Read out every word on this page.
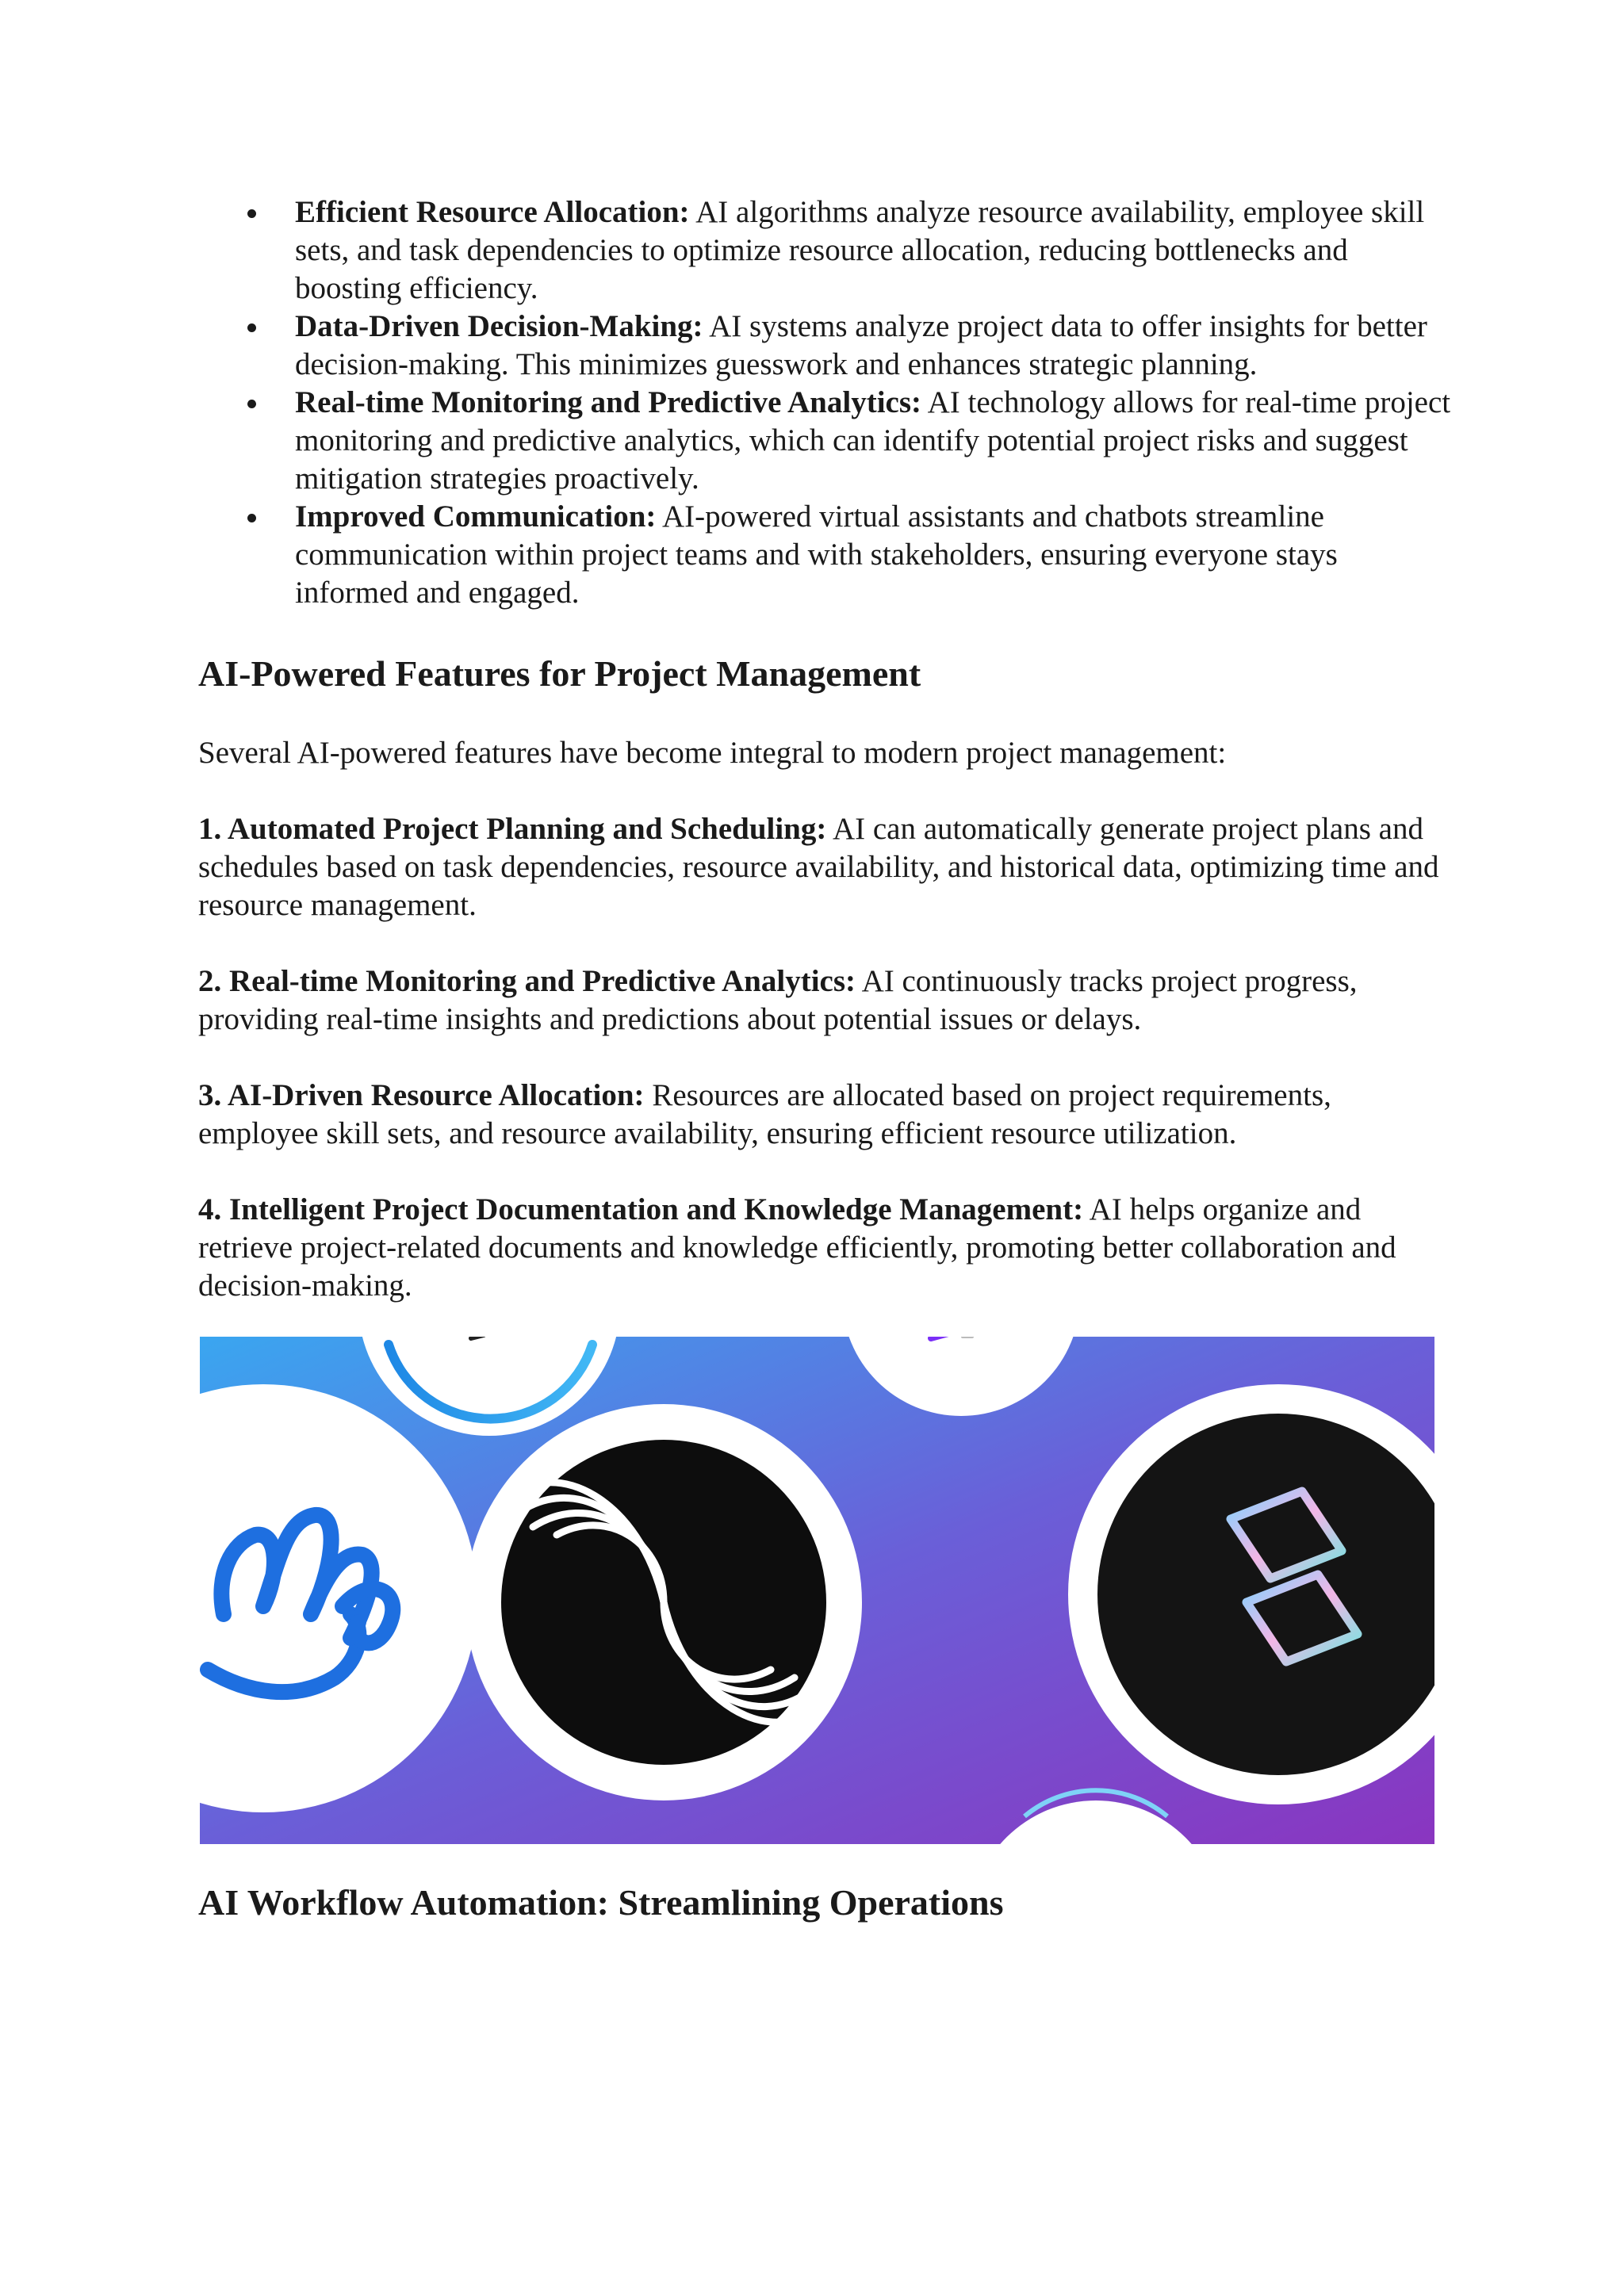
Efficient Resource Allocation: AI algorithms analyze resource availability, employee skill sets, and task dependencies to optimize resource allocation, reducing bottlenecks and boosting efficiency.
Data-Driven Decision-Making: AI systems analyze project data to offer insights for better decision-making. This minimizes guesswork and enhances strategic planning.
Real-time Monitoring and Predictive Analytics: AI technology allows for real-time project monitoring and predictive analytics, which can identify potential project risks and suggest mitigation strategies proactively.
Improved Communication: AI-powered virtual assistants and chatbots streamline communication within project teams and with stakeholders, ensuring everyone stays informed and engaged.
AI-Powered Features for Project Management

Several AI-powered features have become integral to modern project management:

1. Automated Project Planning and Scheduling: AI can automatically generate project plans and schedules based on task dependencies, resource availability, and historical data, optimizing time and resource management.

2. Real-time Monitoring and Predictive Analytics: AI continuously tracks project progress, providing real-time insights and predictions about potential issues or delays.

3. AI-Driven Resource Allocation: Resources are allocated based on project requirements, employee skill sets, and resource availability, ensuring efficient resource utilization.

4. Intelligent Project Documentation and Knowledge Management: AI helps organize and retrieve project-related documents and knowledge efficiently, promoting better collaboration and decision-making.

AI Workflow Automation: Streamlining Operations
